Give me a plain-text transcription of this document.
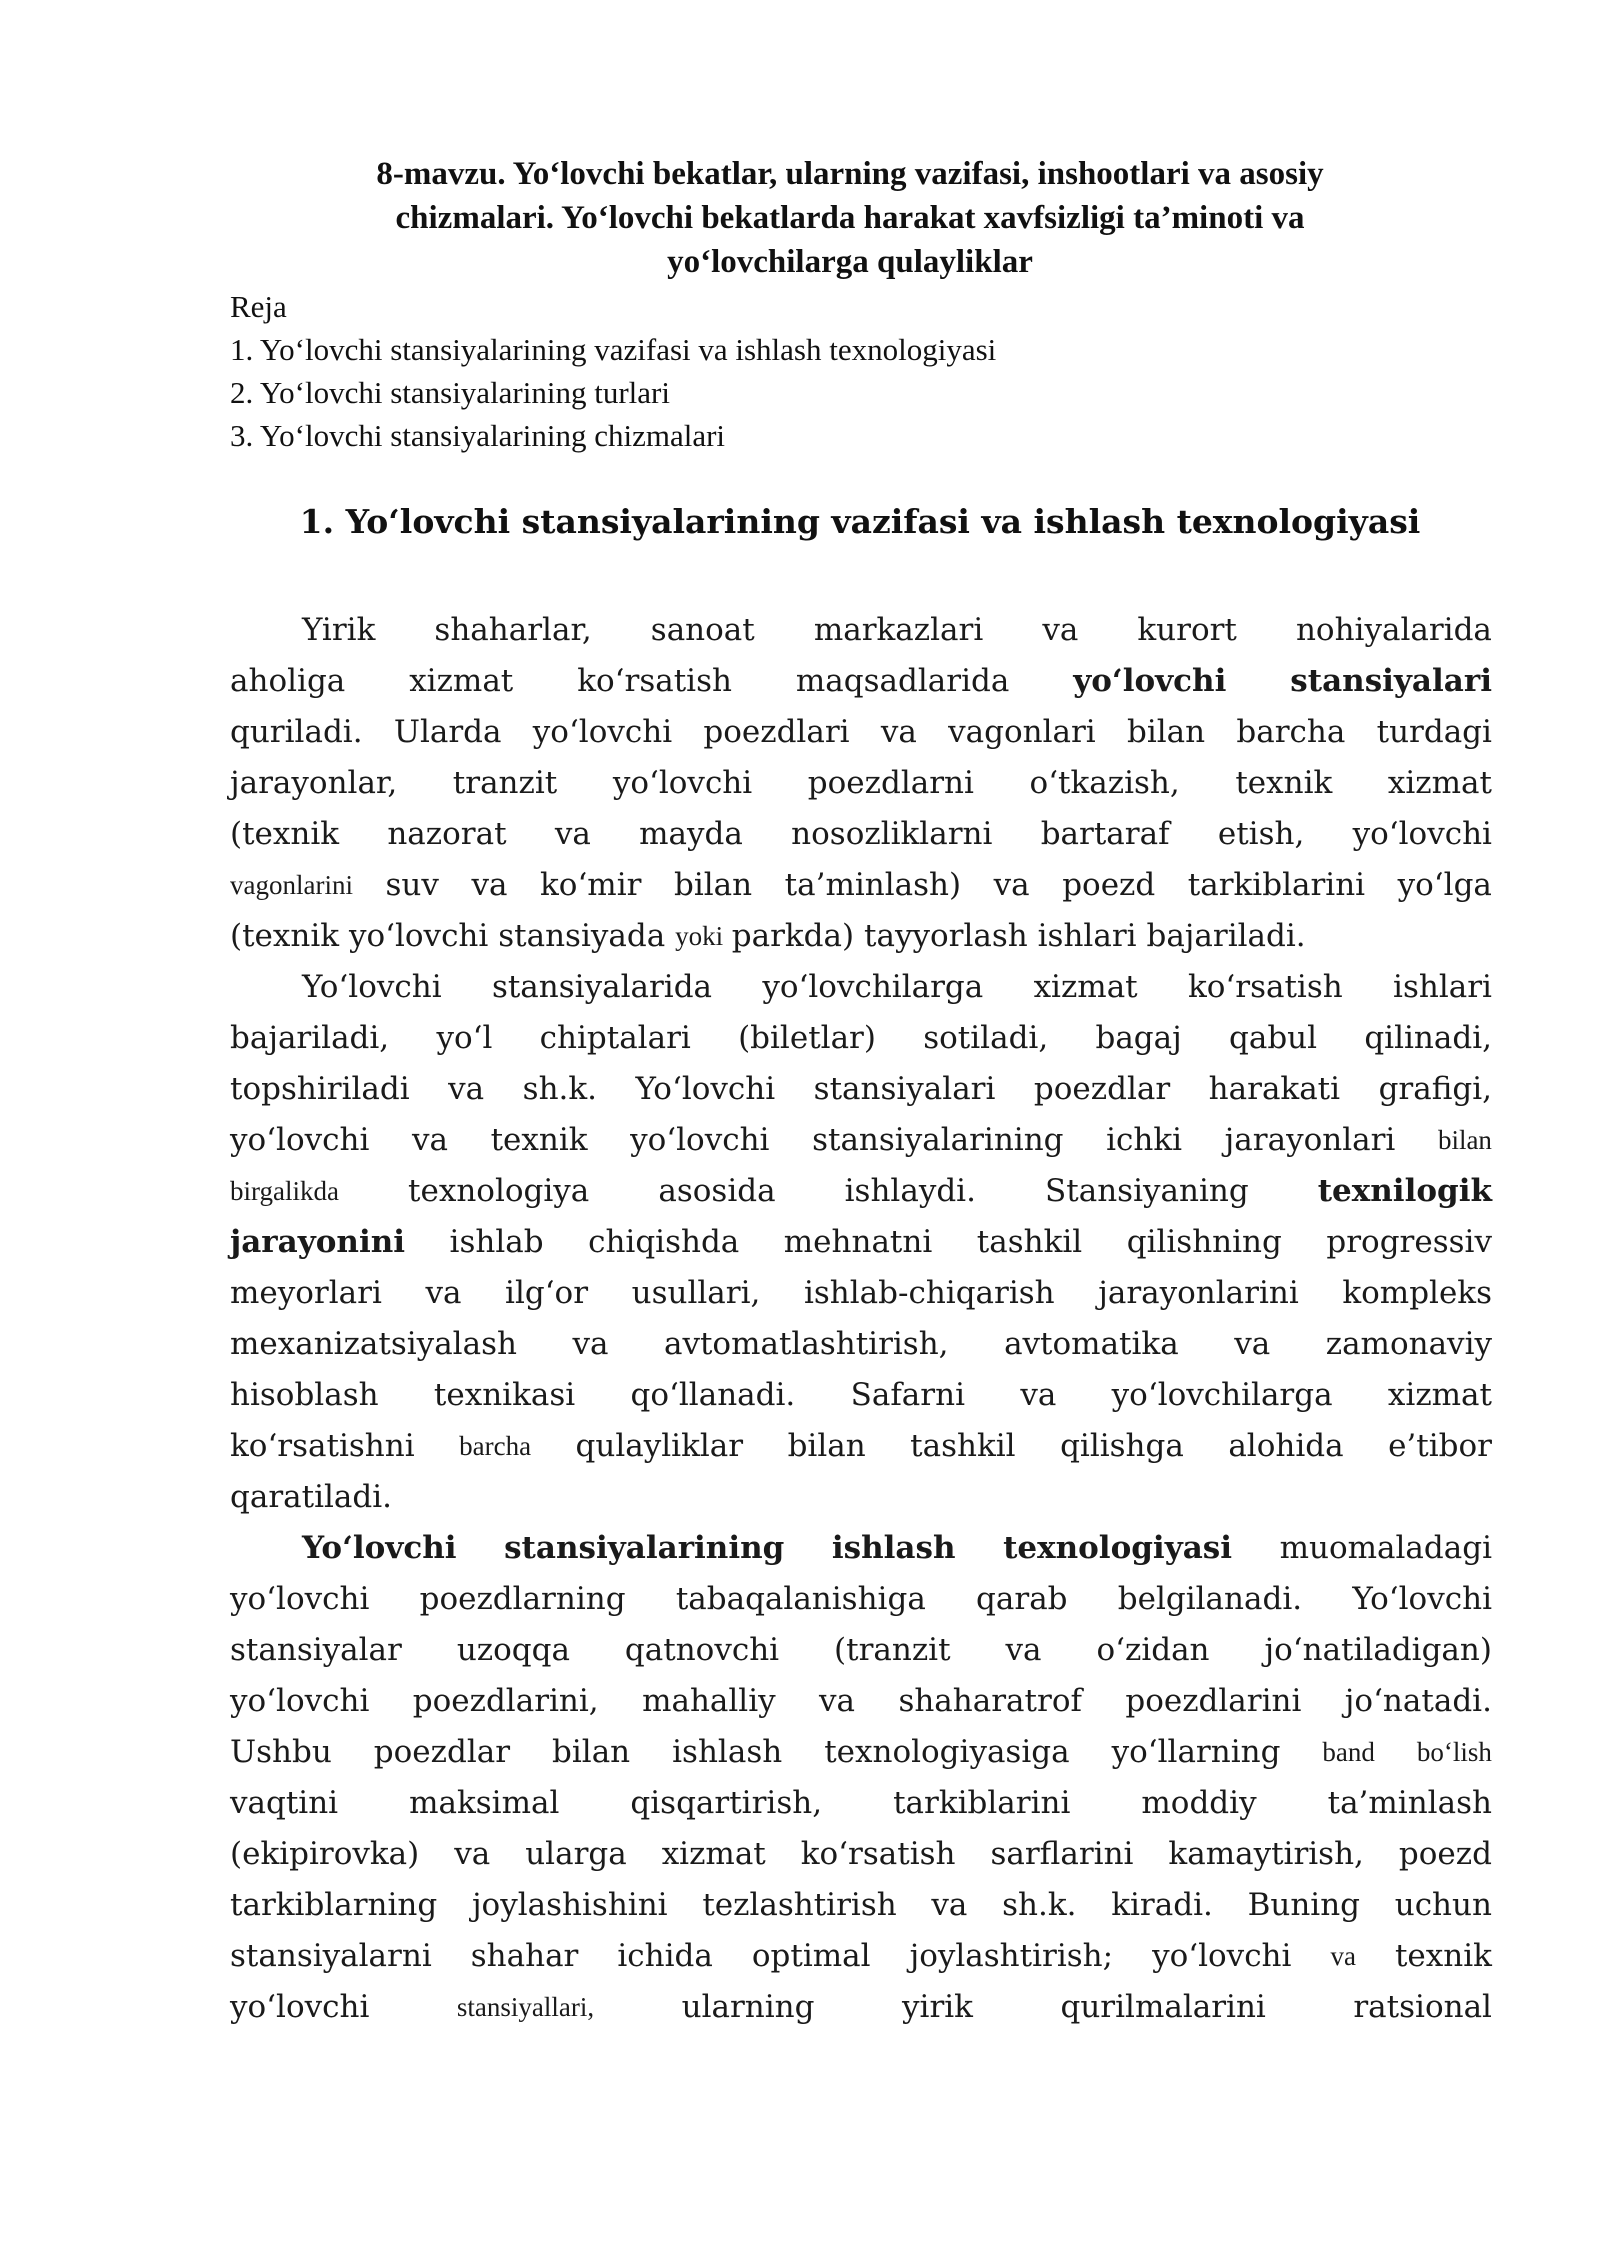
8-mavzu. Yo‘lovchi bekatlar, ularning vazifasi, inshootlari va asosiy
chizmalari. Yo‘lovchi bekatlarda harakat xavfsizligi ta’minoti va
yo‘lovchilarga qulayliklar
Reja
1. Yo‘lovchi stansiyalarining vazifasi va ishlash texnologiyasi
2. Yo‘lovchi stansiyalarining turlari
3. Yo‘lovchi stansiyalarining chizmalari
1. Yo‘lovchi stansiyalarining vazifasi va ishlash texnologiyasi
Yirik shaharlar, sanoat markazlari va kurort nohiyalarida
aholiga xizmat ko‘rsatish maqsadlarida yo‘lovchi stansiyalari
quriladi. Ularda yo‘lovchi poezdlari va vagonlari bilan barcha turdagi
jarayonlar, tranzit yo‘lovchi poezdlarni o‘tkazish, texnik xizmat
(texnik nazorat va mayda nosozliklarni bartaraf etish, yo‘lovchi
vagonlarini suv va ko‘mir bilan ta’minlash) va poezd tarkiblarini yo‘lga
(texnik yo‘lovchi stansiyada yoki parkda) tayyorlash ishlari bajariladi.
Yo‘lovchi stansiyalarida yo‘lovchilarga xizmat ko‘rsatish ishlari
bajariladi, yo‘l chiptalari (biletlar) sotiladi, bagaj qabul qilinadi,
topshiriladi va sh.k. Yo‘lovchi stansiyalari poezdlar harakati grafigi,
yo‘lovchi va texnik yo‘lovchi stansiyalarining ichki jarayonlari bilan
birgalikda texnologiya asosida ishlaydi. Stansiyaning texnilogik
jarayonini ishlab chiqishda mehnatni tashkil qilishning progressiv
meyorlari va ilg‘or usullari, ishlab-chiqarish jarayonlarini kompleks
mexanizatsiyalash va avtomatlashtirish, avtomatika va zamonaviy
hisoblash texnikasi qo‘llanadi. Safarni va yo‘lovchilarga xizmat
ko‘rsatishni barcha qulayliklar bilan tashkil qilishga alohida e’tibor
qaratiladi.
Yo‘lovchi stansiyalarining ishlash texnologiyasi muomaladagi
yo‘lovchi poezdlarning tabaqalanishiga qarab belgilanadi. Yo‘lovchi
stansiyalar uzoqqa qatnovchi (tranzit va o‘zidan jo‘natiladigan)
yo‘lovchi poezdlarini, mahalliy va shaharatrof poezdlarini jo‘natadi.
Ushbu poezdlar bilan ishlash texnologiyasiga yo‘llarning band bo‘lish
vaqtini maksimal qisqartirish, tarkiblarini moddiy ta’minlash
(ekipirovka) va ularga xizmat ko‘rsatish sarflarini kamaytirish, poezd
tarkiblarning joylashishini tezlashtirish va sh.k. kiradi. Buning uchun
stansiyalarni shahar ichida optimal joylashtirish; yo‘lovchi va texnik
yo‘lovchi	stansiyallari,	ularning	yirik	qurilmalarini	ratsional
